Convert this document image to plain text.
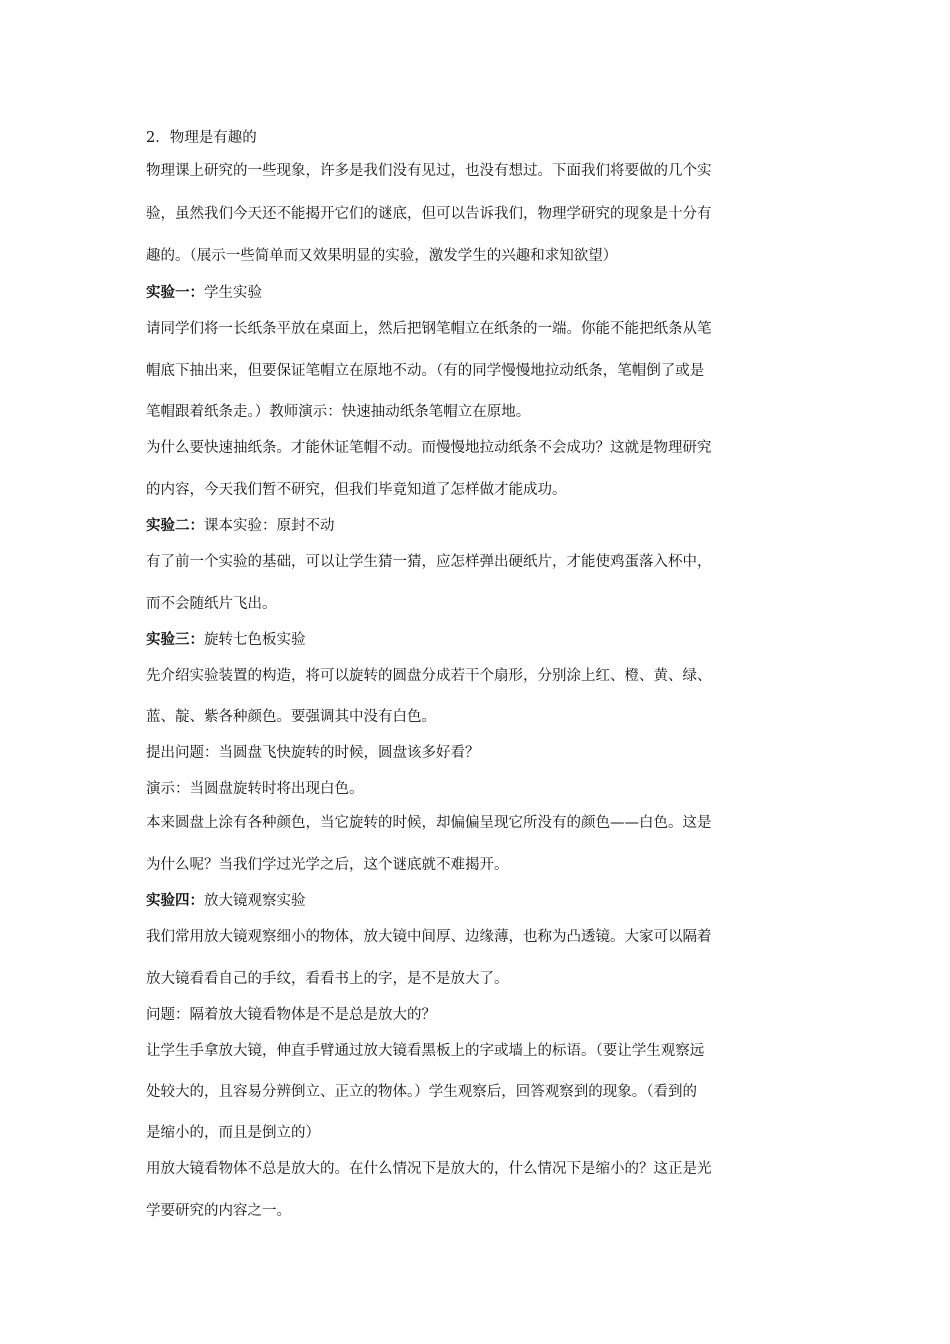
2．物理是有趣的
物理课上研究的一些现象，许多是我们没有见过，也没有想过。下面我们将要做的几个实
验，虽然我们今天还不能揭开它们的谜底，但可以告诉我们，物理学研究的现象是十分有
趣的。（展示一些简单而又效果明显的实验，激发学生的兴趣和求知欲望）
实验一：学生实验
请同学们将一长纸条平放在桌面上，然后把钢笔帽立在纸条的一端。你能不能把纸条从笔
帽底下抽出来，但要保证笔帽立在原地不动。（有的同学慢慢地拉动纸条，笔帽倒了或是
笔帽跟着纸条走。）教师演示：快速抽动纸条笔帽立在原地。
为什么要快速抽纸条。才能休证笔帽不动。而慢慢地拉动纸条不会成功？这就是物理研究
的内容，今天我们暂不研究，但我们毕竟知道了怎样做才能成功。
实验二：课本实验：原封不动
有了前一个实验的基础，可以让学生猜一猜，应怎样弹出硬纸片，才能使鸡蛋落入杯中，
而不会随纸片飞出。
实验三：旋转七色板实验
先介绍实验装置的构造，将可以旋转的圆盘分成若干个扇形，分别涂上红、橙、黄、绿、
蓝、靛、紫各种颜色。要强调其中没有白色。
提出问题：当圆盘飞快旋转的时候，圆盘该多好看？
演示：当圆盘旋转时将出现白色。
本来圆盘上涂有各种颜色，当它旋转的时候，却偏偏呈现它所没有的颜色——白色。这是
为什么呢？当我们学过光学之后，这个谜底就不难揭开。
实验四：放大镜观察实验
我们常用放大镜观察细小的物体，放大镜中间厚、边缘薄，也称为凸透镜。大家可以隔着
放大镜看看自己的手纹，看看书上的字，是不是放大了。
问题：隔着放大镜看物体是不是总是放大的？
让学生手拿放大镜，伸直手臂通过放大镜看黑板上的字或墙上的标语。（要让学生观察远
处较大的，且容易分辨倒立、正立的物体。）学生观察后，回答观察到的现象。（看到的
是缩小的，而且是倒立的）
用放大镜看物体不总是放大的。在什么情况下是放大的，什么情况下是缩小的？这正是光
学要研究的内容之一。
